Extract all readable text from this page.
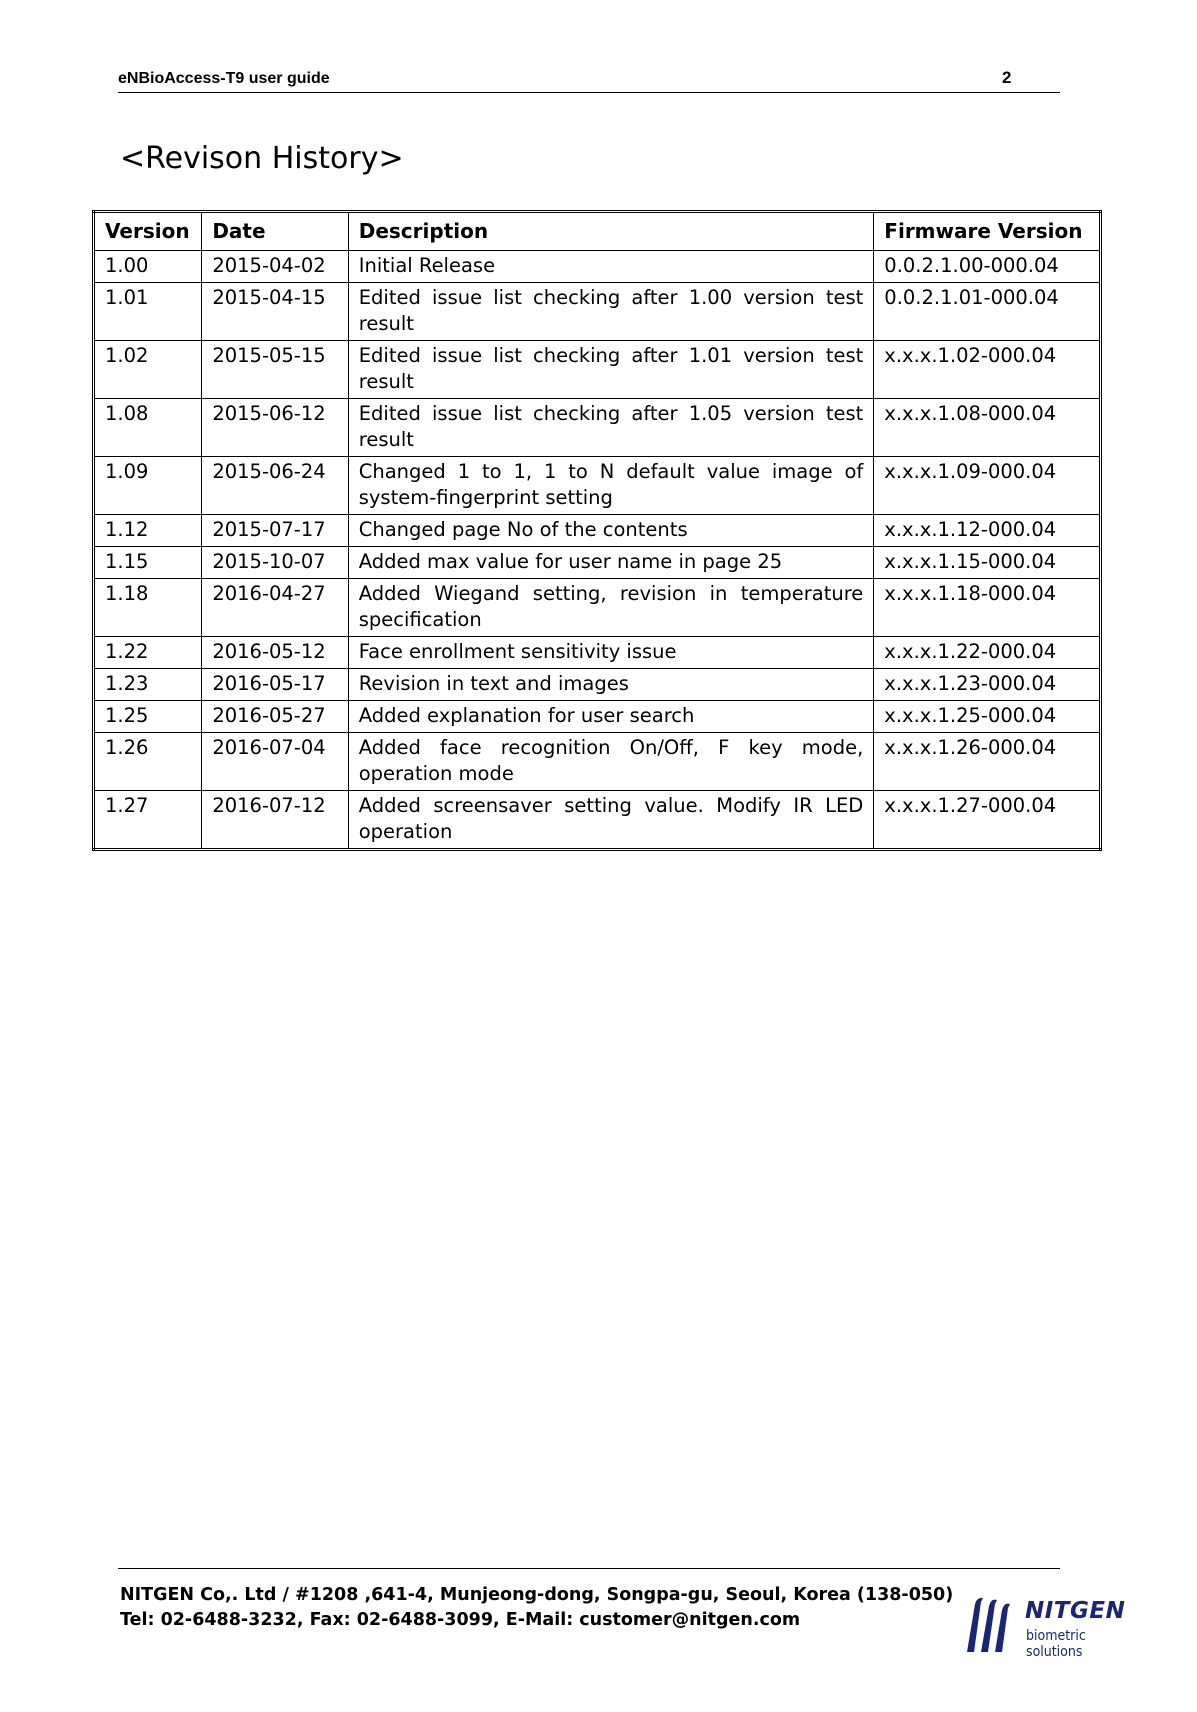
eNBioAccess-T9 user guide	2
<Revison History>
Version	Date	Description	Firmware Version
1.00	2015-04-02	Initial Release	0.0.2.1.00-000.04
1.01	2015-04-15	Edited issue list checking after 1.00 version test result	0.0.2.1.01-000.04
1.02	2015-05-15	Edited issue list checking after 1.01 version test result	x.x.x.1.02-000.04
1.08	2015-06-12	Edited issue list checking after 1.05 version test result	x.x.x.1.08-000.04
1.09	2015-06-24	Changed 1 to 1, 1 to N default value image of system-fingerprint setting	x.x.x.1.09-000.04
1.12	2015-07-17	Changed page No of the contents	x.x.x.1.12-000.04
1.15	2015-10-07	Added max value for user name in page 25	x.x.x.1.15-000.04
1.18	2016-04-27	Added Wiegand setting, revision in temperature specification	x.x.x.1.18-000.04
1.22	2016-05-12	Face enrollment sensitivity issue	x.x.x.1.22-000.04
1.23	2016-05-17	Revision in text and images	x.x.x.1.23-000.04
1.25	2016-05-27	Added explanation for user search	x.x.x.1.25-000.04
1.26	2016-07-04	Added face recognition On/Off, F key mode, operation mode	x.x.x.1.26-000.04
1.27	2016-07-12	Added screensaver setting value. Modify IR LED operation	x.x.x.1.27-000.04
NITGEN Co,. Ltd / #1208 ,641-4, Munjeong-dong, Songpa-gu, Seoul, Korea (138-050)
Tel: 02-6488-3232, Fax: 02-6488-3099, E-Mail: customer@nitgen.com	NITGEN
biometric solutions
